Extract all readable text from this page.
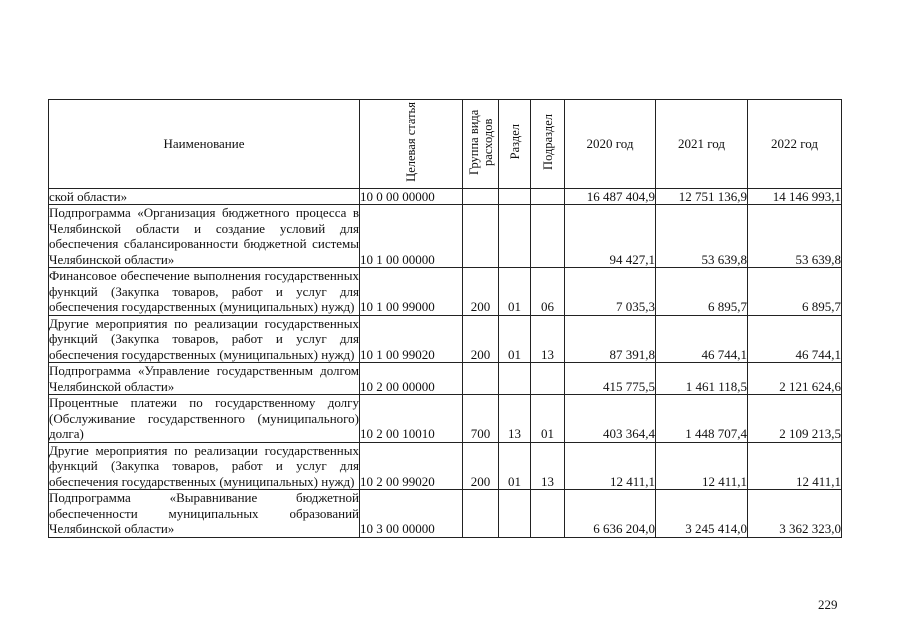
Наименование	Целевая статья	Группа вида расходов	Раздел	Подраздел	2020 год	2021 год	2022 год
ской области»	10 0 00 00000				16 487 404,9	12 751 136,9	14 146 993,1
Подпрограмма «Организация бюджетного процесса в Челябинской области и создание условий для обеспечения сбалансированности бюджетной системы Челябинской области»	10 1 00 00000				94 427,1	53 639,8	53 639,8
Финансовое обеспечение выполнения государственных функций (Закупка товаров, работ и услуг для обеспечения государственных (муниципальных) нужд)	10 1 00 99000	200	01	06	7 035,3	6 895,7	6 895,7
Другие мероприятия по реализации государственных функций (Закупка товаров, работ и услуг для обеспечения государственных (муниципальных) нужд)	10 1 00 99020	200	01	13	87 391,8	46 744,1	46 744,1
Подпрограмма «Управление государственным долгом Челябинской области»	10 2 00 00000				415 775,5	1 461 118,5	2 121 624,6
Процентные платежи по государственному долгу (Обслуживание государственного (муниципального) долга)	10 2 00 10010	700	13	01	403 364,4	1 448 707,4	2 109 213,5
Другие мероприятия по реализации государственных функций (Закупка товаров, работ и услуг для обеспечения государственных (муниципальных) нужд)	10 2 00 99020	200	01	13	12 411,1	12 411,1	12 411,1
Подпрограмма «Выравнивание бюджетной обеспеченности муниципальных образований Челябинской области»	10 3 00 00000				6 636 204,0	3 245 414,0	3 362 323,0
229
